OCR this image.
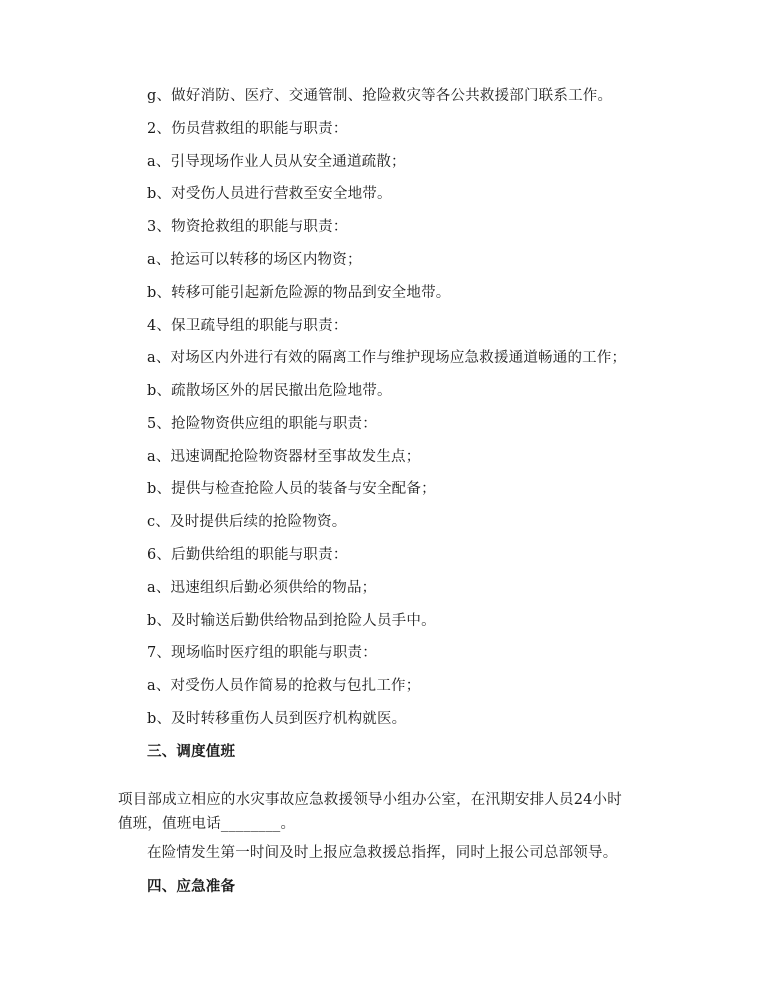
g、做好消防、医疗、交通管制、抢险救灾等各公共救援部门联系工作。
2、伤员营救组的职能与职责：
a、引导现场作业人员从安全通道疏散；
b、对受伤人员进行营救至安全地带。
3、物资抢救组的职能与职责：
a、抢运可以转移的场区内物资；
b、转移可能引起新危险源的物品到安全地带。
4、保卫疏导组的职能与职责：
a、对场区内外进行有效的隔离工作与维护现场应急救援通道畅通的工作；
b、疏散场区外的居民撤出危险地带。
5、抢险物资供应组的职能与职责：
a、迅速调配抢险物资器材至事故发生点；
b、提供与检查抢险人员的装备与安全配备；
c、及时提供后续的抢险物资。
6、后勤供给组的职能与职责：
a、迅速组织后勤必须供给的物品；
b、及时输送后勤供给物品到抢险人员手中。
7、现场临时医疗组的职能与职责：
a、对受伤人员作简易的抢救与包扎工作；
b、及时转移重伤人员到医疗机构就医。
三、调度值班
项目部成立相应的水灾事故应急救援领导小组办公室，在汛期安排人员24小时
值班，值班电话________。
在险情发生第一时间及时上报应急救援总指挥，同时上报公司总部领导。
四、应急准备
